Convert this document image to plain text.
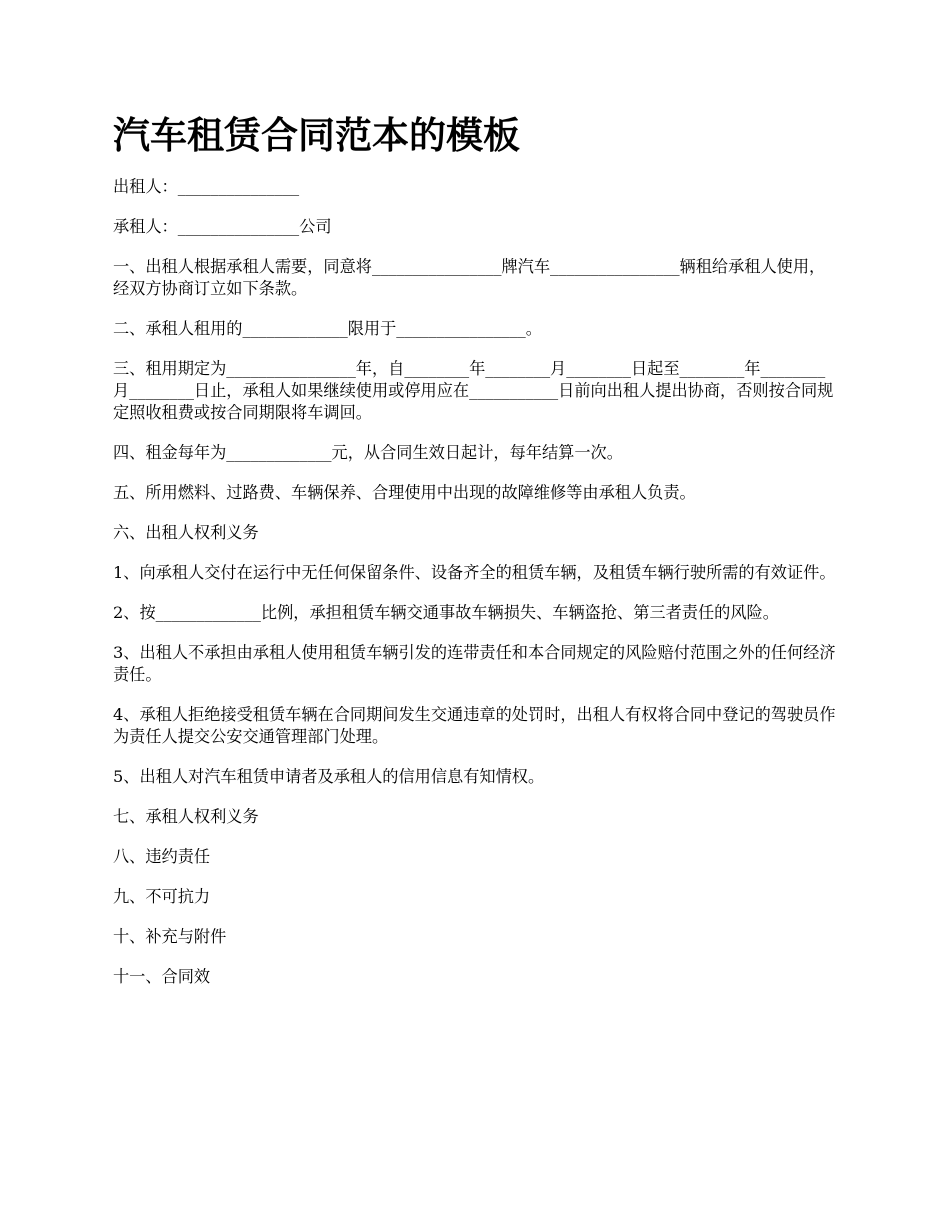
汽车租赁合同范本的模板

出租人：_______________

承租人：_______________公司

一、出租人根据承租人需要，同意将________________牌汽车________________辆租给承租人使用，经双方协商订立如下条款。

二、承租人租用的_____________限用于________________。

三、租用期定为________________年，自________年________月________日起至________年________月________日止，承租人如果继续使用或停用应在___________日前向出租人提出协商，否则按合同规定照收租费或按合同期限将车调回。

四、租金每年为_____________元，从合同生效日起计，每年结算一次。

五、所用燃料、过路费、车辆保养、合理使用中出现的故障维修等由承租人负责。

六、出租人权利义务

1、向承租人交付在运行中无任何保留条件、设备齐全的租赁车辆，及租赁车辆行驶所需的有效证件。

2、按_____________比例，承担租赁车辆交通事故车辆损失、车辆盗抢、第三者责任的风险。

3、出租人不承担由承租人使用租赁车辆引发的连带责任和本合同规定的风险赔付范围之外的任何经济责任。

4、承租人拒绝接受租赁车辆在合同期间发生交通违章的处罚时，出租人有权将合同中登记的驾驶员作为责任人提交公安交通管理部门处理。

5、出租人对汽车租赁申请者及承租人的信用信息有知情权。

七、承租人权利义务

八、违约责任

九、不可抗力

十、补充与附件

十一、合同效
